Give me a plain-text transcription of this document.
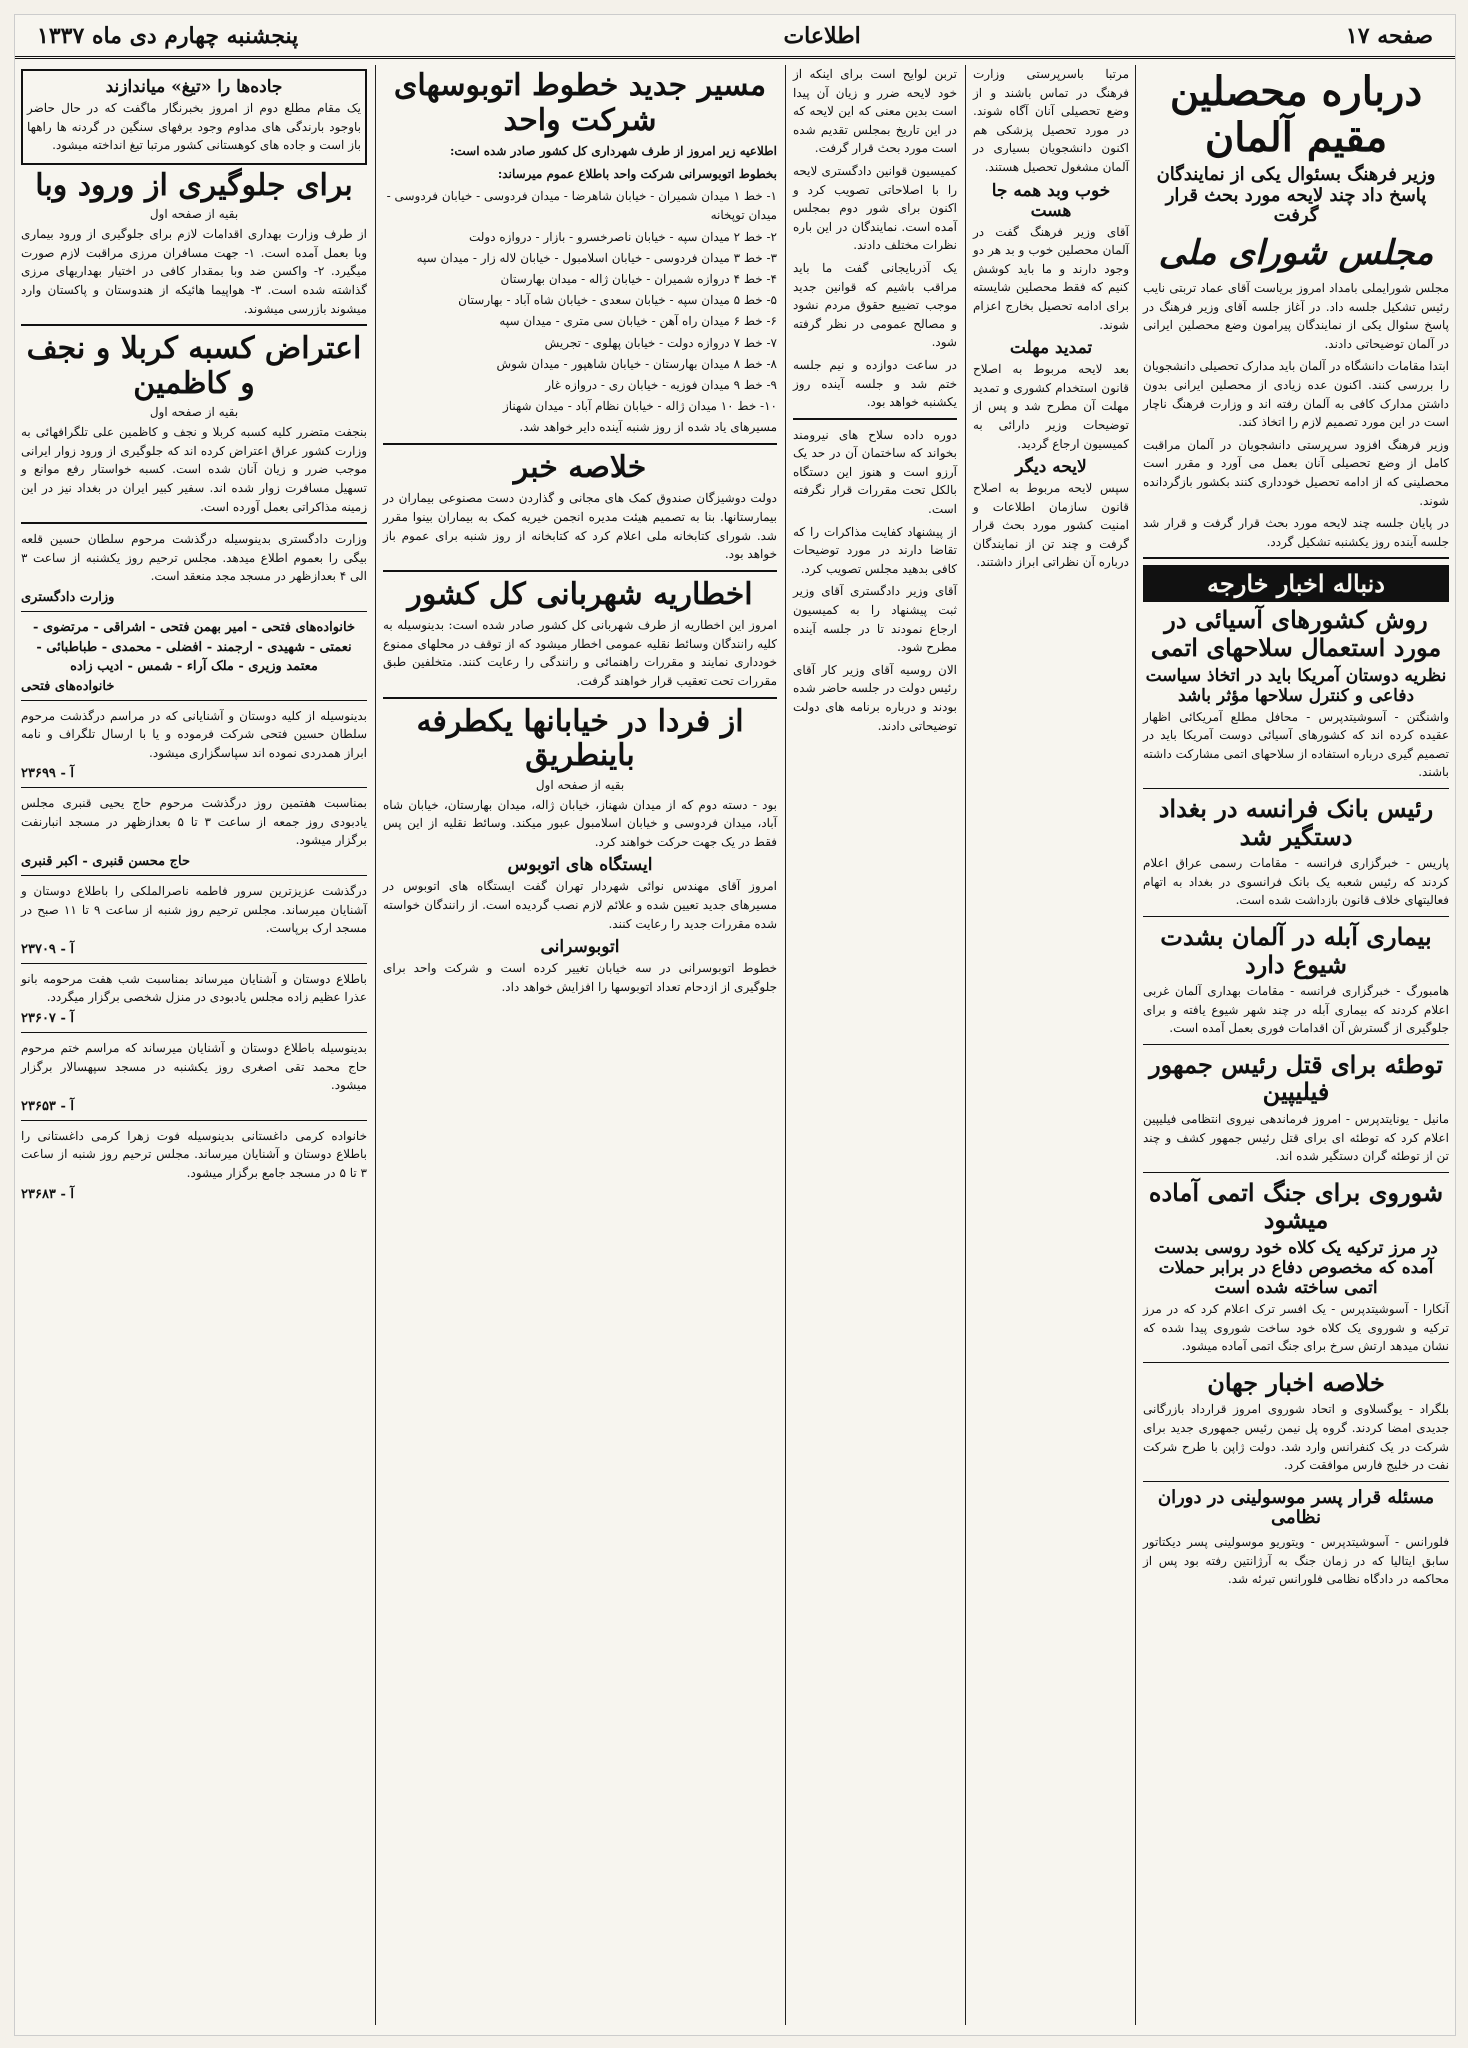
صفحه ۱۷
اطلاعات
پنجشنبه چهارم دی ماه ۱۳۳۷
درباره محصلین مقیم آلمان
وزیر فرهنگ بسئوال یکی از نمایندگان پاسخ داد چند لایحه مورد بحث قرار گرفت
مجلس شورای ملی

مجلس شورایملی بامداد امروز بریاست آقای عماد تربتی نایب رئیس تشکیل جلسه داد. در آغاز جلسه آقای وزیر فرهنگ در پاسخ سئوال یکی از نمایندگان پیرامون وضع محصلین ایرانی در آلمان توضیحاتی دادند.

ابتدا مقامات دانشگاه در آلمان باید مدارک تحصیلی دانشجویان را بررسی کنند. اکنون عده زیادی از محصلین ایرانی بدون داشتن مدارک کافی به آلمان رفته اند و وزارت فرهنگ ناچار است در این مورد تصمیم لازم را اتخاذ کند.

وزیر فرهنگ افزود سرپرستی دانشجویان در آلمان مراقبت کامل از وضع تحصیلی آنان بعمل می آورد و مقرر است محصلینی که از ادامه تحصیل خودداری کنند بکشور بازگردانده شوند.

در پایان جلسه چند لایحه مورد بحث قرار گرفت و قرار شد جلسه آینده روز یکشنبه تشکیل گردد.

دنباله اخبار خارجه
روش کشورهای آسیائی در مورد استعمال سلاحهای اتمی
نظریه دوستان آمریکا باید در اتخاذ سیاست دفاعی و کنترل سلاحها مؤثر باشد

واشنگتن - آسوشیتدپرس - محافل مطلع آمریکائی اظهار عقیده کرده اند که کشورهای آسیائی دوست آمریکا باید در تصمیم گیری درباره استفاده از سلاحهای اتمی مشارکت داشته باشند.

رئیس بانک فرانسه در بغداد دستگیر شد

پاریس - خبرگزاری فرانسه - مقامات رسمی عراق اعلام کردند که رئیس شعبه یک بانک فرانسوی در بغداد به اتهام فعالیتهای خلاف قانون بازداشت شده است.

بیماری آبله در آلمان بشدت شیوع دارد

هامبورگ - خبرگزاری فرانسه - مقامات بهداری آلمان غربی اعلام کردند که بیماری آبله در چند شهر شیوع یافته و برای جلوگیری از گسترش آن اقدامات فوری بعمل آمده است.

توطئه برای قتل رئیس جمهور فیلیپین

مانیل - یونایتدپرس - امروز فرماندهی نیروی انتظامی فیلیپین اعلام کرد که توطئه ای برای قتل رئیس جمهور کشف و چند تن از توطئه گران دستگیر شده اند.

شوروی برای جنگ اتمی آماده میشود
در مرز ترکیه یک کلاه خود روسی بدست آمده که مخصوص دفاع در برابر حملات اتمی ساخته شده است

آنکارا - آسوشیتدپرس - یک افسر ترک اعلام کرد که در مرز ترکیه و شوروی یک کلاه خود ساخت شوروی پیدا شده که نشان میدهد ارتش سرخ برای جنگ اتمی آماده میشود.

خلاصه اخبار جهان

بلگراد - یوگسلاوی و اتحاد شوروی امروز قرارداد بازرگانی جدیدی امضا کردند. گروه پل نیمن رئیس جمهوری جدید برای شرکت در یک کنفرانس وارد شد. دولت ژاپن با طرح شرکت نفت در خلیج فارس موافقت کرد.

مسئله قرار پسر موسولینی در دوران نظامی

فلورانس - آسوشیتدپرس - ویتوریو موسولینی پسر دیکتاتور سابق ایتالیا که در زمان جنگ به آرژانتین رفته بود پس از محاکمه در دادگاه نظامی فلورانس تبرئه شد.

مرتبا باسرپرستی وزارت فرهنگ در تماس باشند و از وضع تحصیلی آنان آگاه شوند. در مورد تحصیل پزشکی هم اکنون دانشجویان بسیاری در آلمان مشغول تحصیل هستند.

خوب وبد همه جا هست

آقای وزیر فرهنگ گفت در آلمان محصلین خوب و بد هر دو وجود دارند و ما باید کوشش کنیم که فقط محصلین شایسته برای ادامه تحصیل بخارج اعزام شوند.

تمدید مهلت

بعد لایحه مربوط به اصلاح قانون استخدام کشوری و تمدید مهلت آن مطرح شد و پس از توضیحات وزیر دارائی به کمیسیون ارجاع گردید.

لایحه دیگر

سپس لایحه مربوط به اصلاح قانون سازمان اطلاعات و امنیت کشور مورد بحث قرار گرفت و چند تن از نمایندگان درباره آن نظراتی ابراز داشتند.

تربن لوایح است برای اینکه از خود لایحه ضرر و زیان آن پیدا است بدین معنی که این لایحه که در این تاریخ بمجلس تقدیم شده است مورد بحث قرار گرفت.

کمیسیون قوانین دادگستری لایحه را با اصلاحاتی تصویب کرد و اکنون برای شور دوم بمجلس آمده است. نمایندگان در این باره نظرات مختلف دادند.

یک آذربایجانی گفت ما باید مراقب باشیم که قوانین جدید موجب تضییع حقوق مردم نشود و مصالح عمومی در نظر گرفته شود.

در ساعت دوازده و نیم جلسه ختم شد و جلسه آینده روز یکشنبه خواهد بود.

دوره داده سلاح های نیرومند بخواند که ساختمان آن در حد یک آرزو است و هنوز این دستگاه بالکل تحت مقررات قرار نگرفته است.

از پیشنهاد کفایت مذاکرات را که تقاضا دارند در مورد توضیحات کافی بدهید مجلس تصویب کرد.

آقای وزیر دادگستری آقای وزیر ثبت پیشنهاد را به کمیسیون ارجاع نمودند تا در جلسه آینده مطرح شود.

الان روسیه آقای وزیر کار آقای رئیس دولت در جلسه حاضر شده بودند و درباره برنامه های دولت توضیحاتی دادند.

مسیر جدید خطوط اتوبوسهای شرکت واحد

اطلاعیه زیر امروز از طرف شهرداری کل کشور صادر شده است:

بخطوط اتوبوسرانی شرکت واحد باطلاع عموم میرساند:

۱- خط ۱ میدان شمیران - خیابان شاهرضا - میدان فردوسی - خیابان فردوسی - میدان توپخانه
۲- خط ۲ میدان سپه - خیابان ناصرخسرو - بازار - دروازه دولت
۳- خط ۳ میدان فردوسی - خیابان اسلامبول - خیابان لاله زار - میدان سپه
۴- خط ۴ دروازه شمیران - خیابان ژاله - میدان بهارستان
۵- خط ۵ میدان سپه - خیابان سعدی - خیابان شاه آباد - بهارستان
۶- خط ۶ میدان راه آهن - خیابان سی متری - میدان سپه
۷- خط ۷ دروازه دولت - خیابان پهلوی - تجریش
۸- خط ۸ میدان بهارستان - خیابان شاهپور - میدان شوش
۹- خط ۹ میدان فوزیه - خیابان ری - دروازه غار
۱۰- خط ۱۰ میدان ژاله - خیابان نظام آباد - میدان شهناز

مسیرهای یاد شده از روز شنبه آینده دایر خواهد شد.

خلاصه خبر

دولت دوشیزگان صندوق کمک های مجانی و گذاردن دست مصنوعی بیماران در بیمارستانها. بنا به تصمیم هیئت مدیره انجمن خیریه کمک به بیماران بینوا مقرر شد. شورای کتابخانه ملی اعلام کرد که کتابخانه از روز شنبه برای عموم باز خواهد بود.

اخطاریه شهربانی کل کشور

امروز این اخطاریه از طرف شهربانی کل کشور صادر شده است: بدینوسیله به کلیه رانندگان وسائط نقلیه عمومی اخطار میشود که از توقف در محلهای ممنوع خودداری نمایند و مقررات راهنمائی و رانندگی را رعایت کنند. متخلفین طبق مقررات تحت تعقیب قرار خواهند گرفت.

از فردا در خیابانها یکطرفه باینطریق
بقیه از صفحه اول

بود - دسته دوم که از میدان شهناز، خیابان ژاله، میدان بهارستان، خیابان شاه آباد، میدان فردوسی و خیابان اسلامبول عبور میکند. وسائط نقلیه از این پس فقط در یک جهت حرکت خواهند کرد.

ایستگاه های اتوبوس

امروز آقای مهندس نوائی شهردار تهران گفت ایستگاه های اتوبوس در مسیرهای جدید تعیین شده و علائم لازم نصب گردیده است. از رانندگان خواسته شده مقررات جدید را رعایت کنند.

اتوبوسرانی

خطوط اتوبوسرانی در سه خیابان تغییر کرده است و شرکت واحد برای جلوگیری از ازدحام تعداد اتوبوسها را افزایش خواهد داد.

جاده‌ها را «تیغ» میاندازند

یک مقام مطلع دوم از امروز بخبرنگار ماگفت که در حال حاضر باوجود بارندگی های مداوم وجود برفهای سنگین در گردنه ها راهها باز است و جاده های کوهستانی کشور مرتبا تیغ انداخته میشود.

برای جلوگیری از ورود وبا
بقیه از صفحه اول

از طرف وزارت بهداری اقدامات لازم برای جلوگیری از ورود بیماری وبا بعمل آمده است. ۱- جهت مسافران مرزی مراقبت لازم صورت میگیرد. ۲- واکسن ضد وبا بمقدار کافی در اختیار بهداریهای مرزی گذاشته شده است. ۳- هواپیما هائیکه از هندوستان و پاکستان وارد میشوند بازرسی میشوند.

اعتراض کسبه کربلا و نجف و کاظمین
بقیه از صفحه اول

بنجفت متضرر کلیه کسبه کربلا و نجف و کاظمین علی تلگرافهائی به وزارت کشور عراق اعتراض کرده اند که جلوگیری از ورود زوار ایرانی موجب ضرر و زیان آنان شده است. کسبه خواستار رفع موانع و تسهیل مسافرت زوار شده اند. سفیر کبیر ایران در بغداد نیز در این زمینه مذاکراتی بعمل آورده است.

وزارت دادگستری بدینوسیله درگذشت مرحوم سلطان حسین قلعه بیگی را بعموم اطلاع میدهد. مجلس ترحیم روز یکشنبه از ساعت ۳ الی ۴ بعدازظهر در مسجد مجد منعقد است.

وزارت دادگستری

خانواده‌های فتحی - امیر بهمن فتحی - اشراقی - مرتضوی - نعمتی - شهیدی - ارجمند - افضلی - محمدی - طباطبائی - معتمد وزیری - ملک آراء - شمس - ادیب زاده

خانواده‌های فتحی

بدینوسیله از کلیه دوستان و آشنایانی که در مراسم درگذشت مرحوم سلطان حسین فتحی شرکت فرموده و یا با ارسال تلگراف و نامه ابراز همدردی نموده اند سپاسگزاری میشود.

آ - ۲۳۶۹۹

بمناسبت هفتمین روز درگذشت مرحوم حاج یحیی قنبری مجلس یادبودی روز جمعه از ساعت ۳ تا ۵ بعدازظهر در مسجد انبارنفت برگزار میشود.

حاج محسن قنبری - اکبر قنبری

درگذشت عزیزترین سرور فاطمه ناصرالملکی را باطلاع دوستان و آشنایان میرساند. مجلس ترحیم روز شنبه از ساعت ۹ تا ۱۱ صبح در مسجد ارک برپاست.

آ - ۲۳۷۰۹

باطلاع دوستان و آشنایان میرساند بمناسبت شب هفت مرحومه بانو عذرا عظیم زاده مجلس یادبودی در منزل شخصی برگزار میگردد.

آ - ۲۳۶۰۷

بدینوسیله باطلاع دوستان و آشنایان میرساند که مراسم ختم مرحوم حاج محمد تقی اصغری روز یکشنبه در مسجد سپهسالار برگزار میشود.

آ - ۲۳۶۵۳

خانواده کرمی داغستانی بدینوسیله فوت زهرا کرمی داغستانی را باطلاع دوستان و آشنایان میرساند. مجلس ترحیم روز شنبه از ساعت ۳ تا ۵ در مسجد جامع برگزار میشود.

آ - ۲۳۶۸۳
